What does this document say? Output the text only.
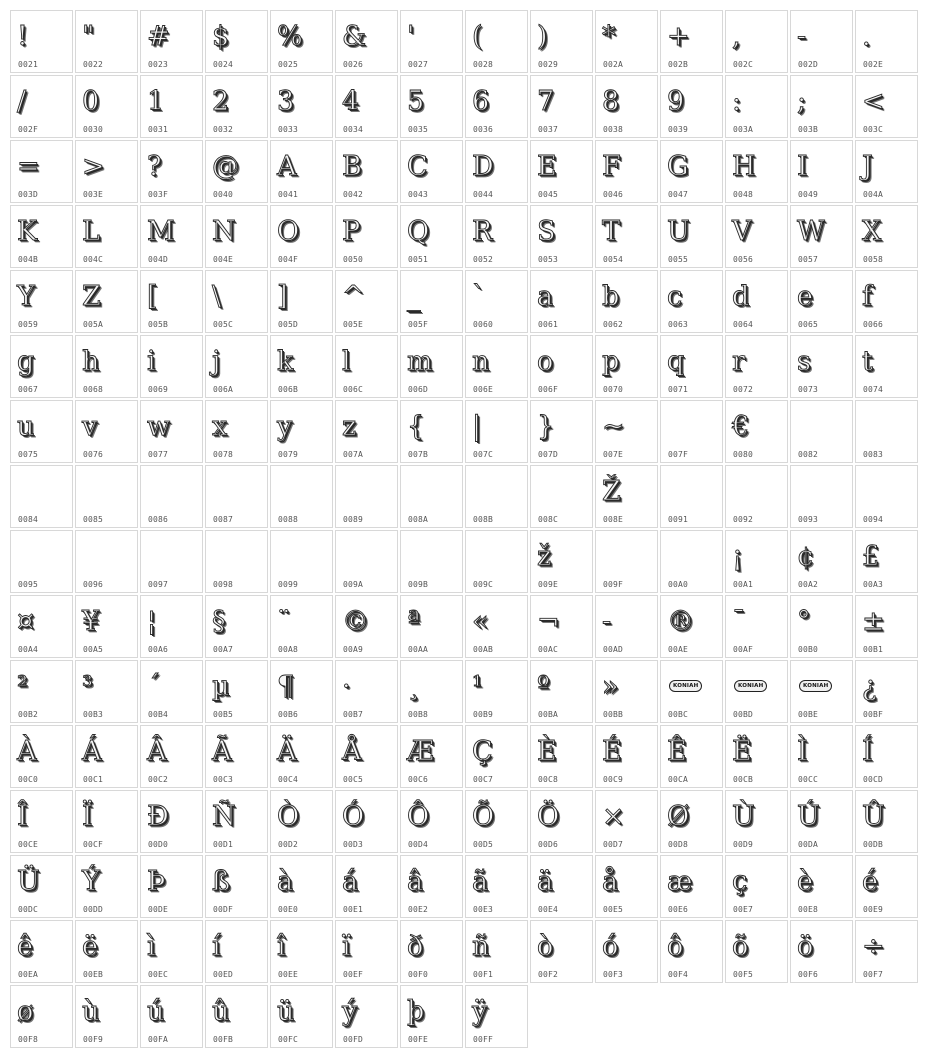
!
0021
"
0022
#
0023
$
0024
%
0025
&
0026
'
0027
(
0028
)
0029
*
002A
+
002B
,
002C
-
002D
.
002E
/
002F
0
0030
1
0031
2
0032
3
0033
4
0034
5
0035
6
0036
7
0037
8
0038
9
0039
:
003A
;
003B
<
003C
=
003D
>
003E
?
003F
@
0040
A
0041
B
0042
C
0043
D
0044
E
0045
F
0046
G
0047
H
0048
I
0049
J
004A
K
004B
L
004C
M
004D
N
004E
O
004F
P
0050
Q
0051
R
0052
S
0053
T
0054
U
0055
V
0056
W
0057
X
0058
Y
0059
Z
005A
[
005B
\
005C
]
005D
^
005E
_
005F
`
0060
a
0061
b
0062
c
0063
d
0064
e
0065
f
0066
g
0067
h
0068
i
0069
j
006A
k
006B
l
006C
m
006D
n
006E
o
006F
p
0070
q
0071
r
0072
s
0073
t
0074
u
0075
v
0076
w
0077
x
0078
y
0079
z
007A
{
007B
|
007C
}
007D
~
007E	007F
€
0080	0082	0083
0084	0085	0086	0087	0088	0089	008A	008B	008C
Ž
008E	0091	0092	0093	0094
0095	0096	0097	0098	0099	009A	009B	009C
ž
009E	009F	00A0
¡
00A1
¢
00A2
£
00A3
¤
00A4
¥
00A5
¦
00A6
§
00A7
¨
00A8
©
00A9
ª
00AA
«
00AB
¬
00AC
-
00AD
®
00AE
¯
00AF
°
00B0
±
00B1
²
00B2
³
00B3
´
00B4
µ
00B5
¶
00B6
·
00B7
¸
00B8
¹
00B9
º
00BA
»
00BB
KONIAH
00BC
KONIAH
00BD
KONIAH
00BE
¿
00BF
À
00C0
Á
00C1
Â
00C2
Ã
00C3
Ä
00C4
Å
00C5
Æ
00C6
Ç
00C7
È
00C8
É
00C9
Ê
00CA
Ë
00CB
Ì
00CC
Í
00CD
Î
00CE
Ï
00CF
Ð
00D0
Ñ
00D1
Ò
00D2
Ó
00D3
Ô
00D4
Õ
00D5
Ö
00D6
×
00D7
Ø
00D8
Ù
00D9
Ú
00DA
Û
00DB
Ü
00DC
Ý
00DD
Þ
00DE
ß
00DF
à
00E0
á
00E1
â
00E2
ã
00E3
ä
00E4
å
00E5
æ
00E6
ç
00E7
è
00E8
é
00E9
ê
00EA
ë
00EB
ì
00EC
í
00ED
î
00EE
ï
00EF
ð
00F0
ñ
00F1
ò
00F2
ó
00F3
ô
00F4
õ
00F5
ö
00F6
÷
00F7
ø
00F8
ù
00F9
ú
00FA
û
00FB
ü
00FC
ý
00FD
þ
00FE
ÿ
00FF
